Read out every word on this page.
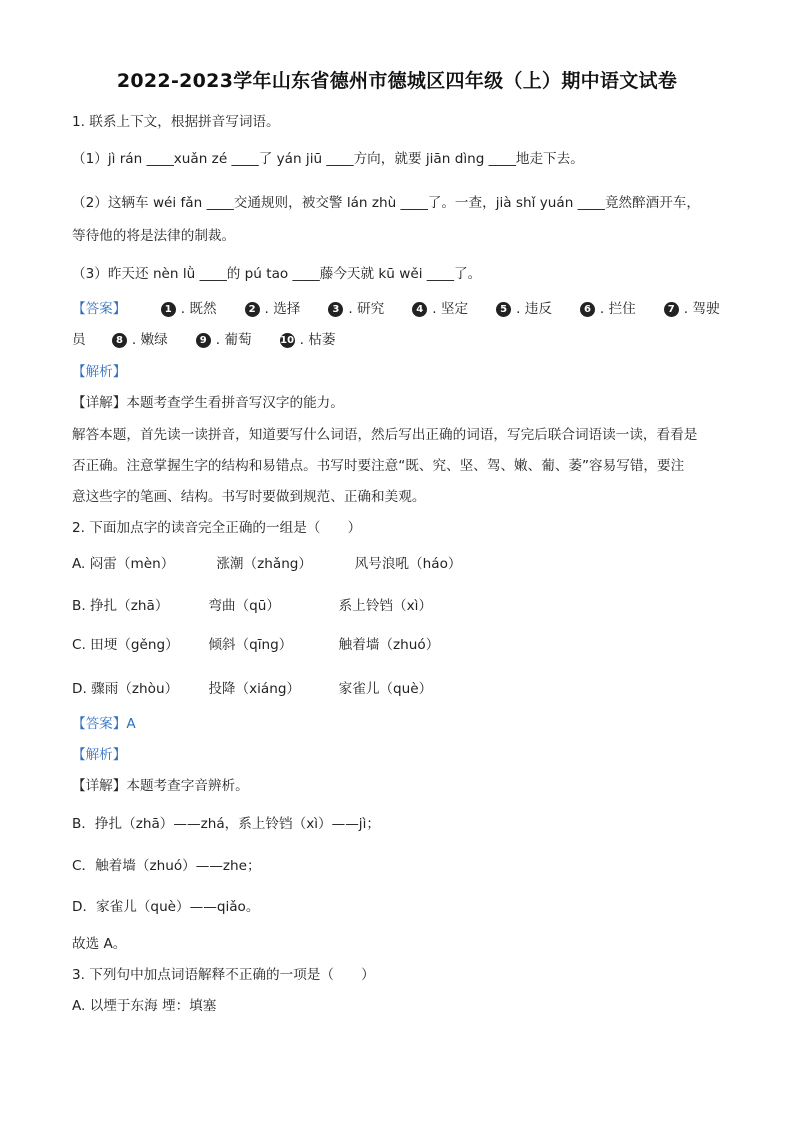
2022-2023学年山东省德州市德城区四年级（上）期中语文试卷
1. 联系上下文，根据拼音写词语。
（1）jì rán ____xuǎn zé ____了 yán jiū ____方向，就要 jiān dìng ____地走下去。
（2）这辆车 wéi fǎn ____交通规则，被交警 lán zhù ____了。一查，jià shǐ yuán ____竟然醉酒开车，
等待他的将是法律的制裁。
（3）昨天还 nèn lǜ ____的 pú tao ____藤今天就 kū wěi ____了。
【答案】	1 . 既然	2 . 选择	3 . 研究	4 . 坚定	5 . 违反	6 . 拦住	7 . 驾驶
员	8 . 嫩绿	9 . 葡萄	10 . 枯萎
【解析】
【详解】本题考查学生看拼音写汉字的能力。
解答本题，首先读一读拼音，知道要写什么词语，然后写出正确的词语，写完后联合词语读一读，看看是
否正确。注意掌握生字的结构和易错点。书写时要注意“既、究、坚、驾、嫩、葡、萎”容易写错，要注
意这些字的笔画、结构。书写时要做到规范、正确和美观。
2. 下面加点字的读音完全正确的一组是（　　）
A. 闷雷（mèn）	涨潮（zhǎng）	风号浪吼（háo）
B. 挣扎（zhā）	弯曲（qū）	系上铃铛（xì）
C. 田埂（gěng） 倾斜（qīng）	触着墙（zhuó）
D. 骤雨（zhòu） 投降（xiáng）	家雀儿（què）
【答案】A
【解析】
【详解】本题考查字音辨析。
B．挣扎（zhā）——zhá，系上铃铛（xì）——jì；
C．触着墙（zhuó）——zhe；
D．家雀儿（què）——qiǎo。
故选 A。
3. 下列句中加点词语解释不正确的一项是（　　）
A. 以堙于东海 堙：填塞
